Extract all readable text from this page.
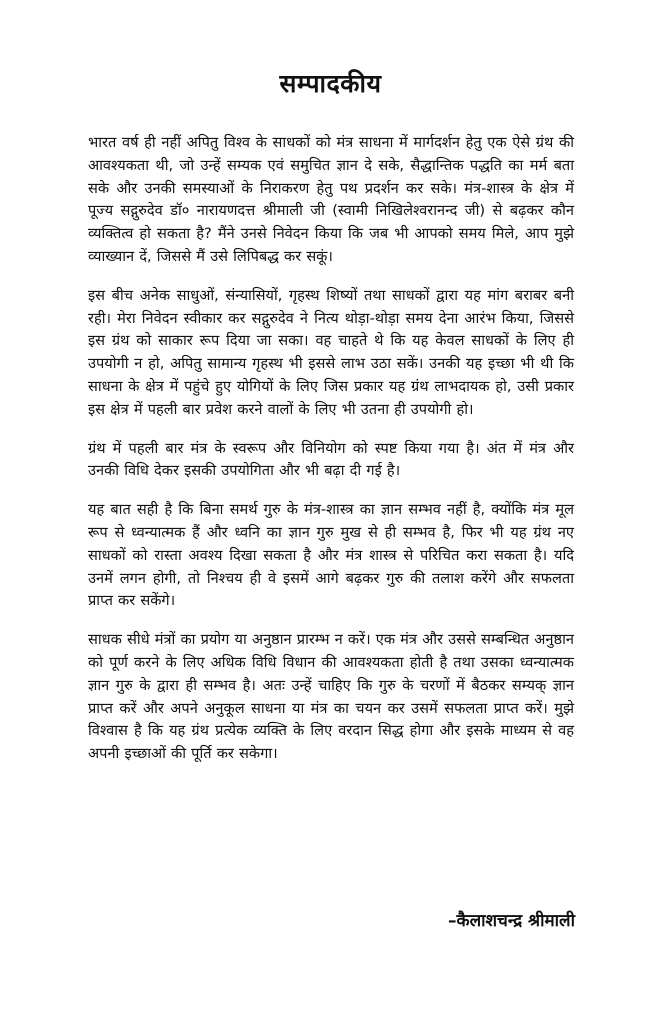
सम्पादकीय

भारत वर्ष ही नहीं अपितु विश्व के साधकों को मंत्र साधना में मार्गदर्शन हेतु एक ऐसे ग्रंथ की आवश्यकता थी, जो उन्हें सम्यक एवं समुचित ज्ञान दे सके, सैद्धान्तिक पद्धति का मर्म बता सके और उनकी समस्याओं के निराकरण हेतु पथ प्रदर्शन कर सके। मंत्र-शास्त्र के क्षेत्र में पूज्य सद्गुरुदेव डॉ० नारायणदत्त श्रीमाली जी (स्वामी निखिलेश्वरानन्द जी) से बढ़कर कौन व्यक्तित्व हो सकता है? मैंने उनसे निवेदन किया कि जब भी आपको समय मिले, आप मुझे व्याख्यान दें, जिससे मैं उसे लिपिबद्ध कर सकूं।

इस बीच अनेक साधुओं, संन्यासियों, गृहस्थ शिष्यों तथा साधकों द्वारा यह मांग बराबर बनी रही। मेरा निवेदन स्वीकार कर सद्गुरुदेव ने नित्य थोड़ा-थोड़ा समय देना आरंभ किया, जिससे इस ग्रंथ को साकार रूप दिया जा सका। वह चाहते थे कि यह केवल साधकों के लिए ही उपयोगी न हो, अपितु सामान्य गृहस्थ भी इससे लाभ उठा सकें। उनकी यह इच्छा भी थी कि साधना के क्षेत्र में पहुंचे हुए योगियों के लिए जिस प्रकार यह ग्रंथ लाभदायक हो, उसी प्रकार इस क्षेत्र में पहली बार प्रवेश करने वालों के लिए भी उतना ही उपयोगी हो।

ग्रंथ में पहली बार मंत्र के स्वरूप और विनियोग को स्पष्ट किया गया है। अंत में मंत्र और उनकी विधि देकर इसकी उपयोगिता और भी बढ़ा दी गई है।

यह बात सही है कि बिना समर्थ गुरु के मंत्र-शास्त्र का ज्ञान सम्भव नहीं है, क्योंकि मंत्र मूल रूप से ध्वन्यात्मक हैं और ध्वनि का ज्ञान गुरु मुख से ही सम्भव है, फिर भी यह ग्रंथ नए साधकों को रास्ता अवश्य दिखा सकता है और मंत्र शास्त्र से परिचित करा सकता है। यदि उनमें लगन होगी, तो निश्चय ही वे इसमें आगे बढ़कर गुरु की तलाश करेंगे और सफलता प्राप्त कर सकेंगे।

साधक सीधे मंत्रों का प्रयोग या अनुष्ठान प्रारम्भ न करें। एक मंत्र और उससे सम्बन्धित अनुष्ठान को पूर्ण करने के लिए अधिक विधि विधान की आवश्यकता होती है तथा उसका ध्वन्यात्मक ज्ञान गुरु के द्वारा ही सम्भव है। अतः उन्हें चाहिए कि गुरु के चरणों में बैठकर सम्यक् ज्ञान प्राप्त करें और अपने अनुकूल साधना या मंत्र का चयन कर उसमें सफलता प्राप्त करें। मुझे विश्वास है कि यह ग्रंथ प्रत्येक व्यक्ति के लिए वरदान सिद्ध होगा और इसके माध्यम से वह अपनी इच्छाओं की पूर्ति कर सकेगा।

–कैलाशचन्द्र श्रीमाली
